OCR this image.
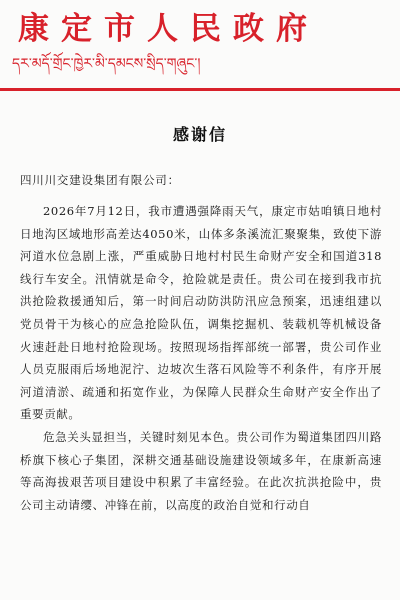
康定市人民政府
དར་མདོ་གྲོང་ཁྱེར་མི་དམངས་སྲིད་གཞུང་།
感谢信
四川川交建设集团有限公司：

2026年7月12日，我市遭遇强降雨天气，康定市姑咱镇日地村日地沟区域地形高差达4050米，山体多条溪流汇聚聚集，致使下游河道水位急剧上涨，严重威胁日地村村民生命财产安全和国道318线行车安全。汛情就是命令，抢险就是责任。贵公司在接到我市抗洪抢险救援通知后，第一时间启动防洪防汛应急预案，迅速组建以党员骨干为核心的应急抢险队伍，调集挖掘机、装载机等机械设备火速赶赴日地村抢险现场。按照现场指挥部统一部署，贵公司作业人员克服雨后场地泥泞、边坡次生落石风险等不利条件，有序开展河道清淤、疏通和拓宽作业，为保障人民群众生命财产安全作出了重要贡献。

危急关头显担当，关键时刻见本色。贵公司作为蜀道集团四川路桥旗下核心子集团，深耕交通基础设施建设领域多年，在康新高速等高海拔艰苦项目建设中积累了丰富经验。在此次抗洪抢险中，贵公司主动请缨、冲锋在前，以高度的政治自觉和行动自
